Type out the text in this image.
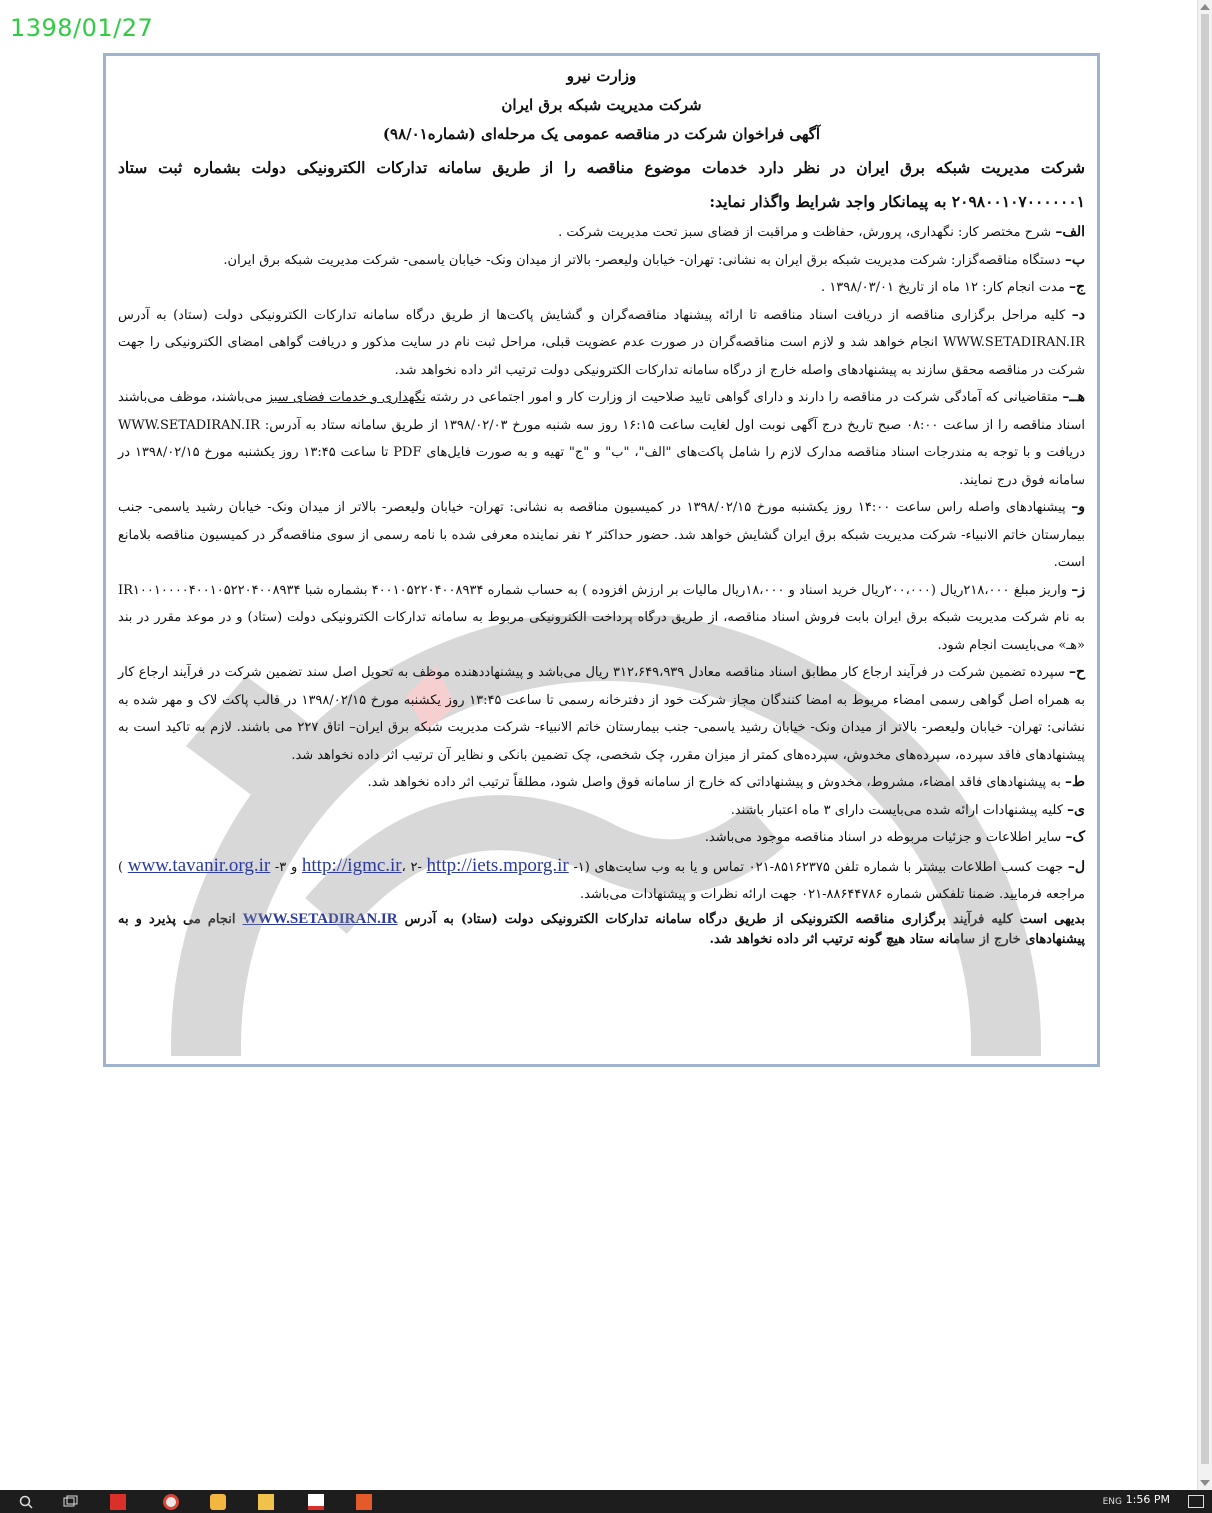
1398/01/27
وزارت نیرو
شرکت مدیریت شبکه برق ایران
آگهی فراخوان شرکت در مناقصه عمومی یک مرحله‌ای (شماره۹۸/۰۱)
شرکت مدیریت شبکه برق ایران در نظر دارد خدمات موضوع مناقصه را از طریق سامانه تدارکات الکترونیکی دولت بشماره ثبت ستاد ۲۰۹۸۰۰۱۰۷۰۰۰۰۰۰۱ به پیمانکار واجد شرایط واگذار نماید:

الف– شرح مختصر کار: نگهداری، پرورش، حفاظت و مراقبت از فضای سبز تحت مدیریت شرکت .

ب– دستگاه مناقصه‌گزار: شرکت مدیریت شبکه برق ایران به نشانی: تهران- خیابان ولیعصر- بالاتر از میدان ونک- خیابان یاسمی- شرکت مدیریت شبکه برق ایران.

ج– مدت انجام کار: ۱۲ ماه از تاریخ ۱۳۹۸/۰۳/۰۱ .

د– کلیه مراحل برگزاری مناقصه از دریافت اسناد مناقصه تا ارائه پیشنهاد مناقصه‌گران و گشایش پاکت‌ها از طریق درگاه سامانه تدارکات الکترونیکی دولت (ستاد) به آدرس WWW.SETADIRAN.IR انجام خواهد شد و لازم است مناقصه‌گران در صورت عدم عضویت قبلی، مراحل ثبت نام در سایت مذکور و دریافت گواهی امضای الکترونیکی را جهت شرکت در مناقصه محقق سازند به پیشنهادهای واصله خارج از درگاه سامانه تدارکات الکترونیکی دولت ترتیب اثر داده نخواهد شد.

هــ– متقاضیانی که آمادگی شرکت در مناقصه را دارند و دارای گواهی تایید صلاحیت از وزارت کار و امور اجتماعی در رشته نگهداری و خدمات فضای سبز می‌باشند، موظف می‌باشند اسناد مناقصه را از ساعت ۰۸:۰۰ صبح تاریخ درج آگهی نوبت اول لغایت ساعت ۱۶:۱۵ روز سه شنبه مورخ ۱۳۹۸/۰۲/۰۳ از طریق سامانه ستاد به آدرس: WWW.SETADIRAN.IR دریافت و با توجه به مندرجات اسناد مناقصه مدارک لازم را شامل پاکت‌های "الف"، "ب" و "ج" تهیه و به صورت فایل‌های PDF تا ساعت ۱۳:۴۵ روز یکشنبه مورخ ۱۳۹۸/۰۲/۱۵ در سامانه فوق درج نمایند.

و– پیشنهادهای واصله راس ساعت ۱۴:۰۰ روز یکشنبه مورخ ۱۳۹۸/۰۲/۱۵ در کمیسیون مناقصه به نشانی: تهران- خیابان ولیعصر- بالاتر از میدان ونک- خیابان رشید یاسمی- جنب بیمارستان خاتم الانبیاء- شرکت مدیریت شبکه برق ایران گشایش خواهد شد. حضور حداکثر ۲ نفر نماینده معرفی شده با نامه رسمی از سوی مناقصه‌گر در کمیسیون مناقصه بلامانع است.

ز– واریز مبلغ ۲۱۸،۰۰۰ریال (۲۰۰،۰۰۰ریال خرید اسناد و ۱۸،۰۰۰ریال مالیات بر ارزش افزوده ) به حساب شماره ۴۰۰۱۰۵۲۲۰۴۰۰۸۹۳۴ بشماره شبا IR۱۰۰۱۰۰۰۰۴۰۰۱۰۵۲۲۰۴۰۰۸۹۳۴ به نام شرکت مدیریت شبکه برق ایران بابت فروش اسناد مناقصه، از طریق درگاه پرداخت الکترونیکی مربوط به سامانه تدارکات الکترونیکی دولت (ستاد) و در موعد مقرر در بند «هـ» می‌بایست انجام شود.

ح– سپرده تضمین شرکت در فرآیند ارجاع کار مطابق اسناد مناقصه معادل ۳۱۲،۶۴۹،۹۳۹ ریال می‌باشد و پیشنهاددهنده موظف به تحویل اصل سند تضمین شرکت در فرآیند ارجاع کار به همراه اصل گواهی رسمی امضاء مربوط به امضا کنندگان مجاز شرکت خود از دفترخانه رسمی تا ساعت ۱۳:۴۵ روز یکشنبه مورخ ۱۳۹۸/۰۲/۱۵ در قالب پاکت لاک و مهر شده به نشانی: تهران- خیابان ولیعصر- بالاتر از میدان ونک- خیابان رشید یاسمی- جنب بیمارستان خاتم الانبیاء- شرکت مدیریت شبکه برق ایران– اتاق ۲۲۷ می باشند. لازم به تاکید است به پیشنهادهای فاقد سپرده، سپرده‌های مخدوش، سپرده‌های کمتر از میزان مقرر، چک شخصی، چک تضمین بانکی و نظایر آن ترتیب اثر داده نخواهد شد.

ط– به پیشنهادهای فاقد امضاء، مشروط، مخدوش و پیشنهاداتی که خارج از سامانه فوق واصل شود، مطلقاً ترتیب اثر داده نخواهد شد.

ی– کلیه پیشنهادات ارائه شده می‌بایست دارای ۳ ماه اعتبار باشند.

ک– سایر اطلاعات و جزئیات مربوطه در اسناد مناقصه موجود می‌باشد.

ل– جهت کسب اطلاعات بیشتر با شماره تلفن ۸۵۱۶۲۳۷۵-۰۲۱ تماس و یا به وب سایت‌های (۱- http://igmc.ir، ۲- http://iets.mporg.ir و ۳- www.tavanir.org.ir ) مراجعه فرمایید. ضمنا تلفکس شماره ۸۸۶۴۴۷۸۶-۰۲۱ جهت ارائه نظرات و پیشنهادات می‌باشد.

بدیهی است کلیه فرآیند برگزاری مناقصه الکترونیکی از طریق درگاه سامانه تدارکات الکترونیکی دولت (ستاد) به آدرس WWW.SETADIRAN.IR انجام می پذیرد و به پیشنهادهای خارج از سامانه ستاد هیچ گونه ترتیب اثر داده نخواهد شد.
ENG 1:56 PM
